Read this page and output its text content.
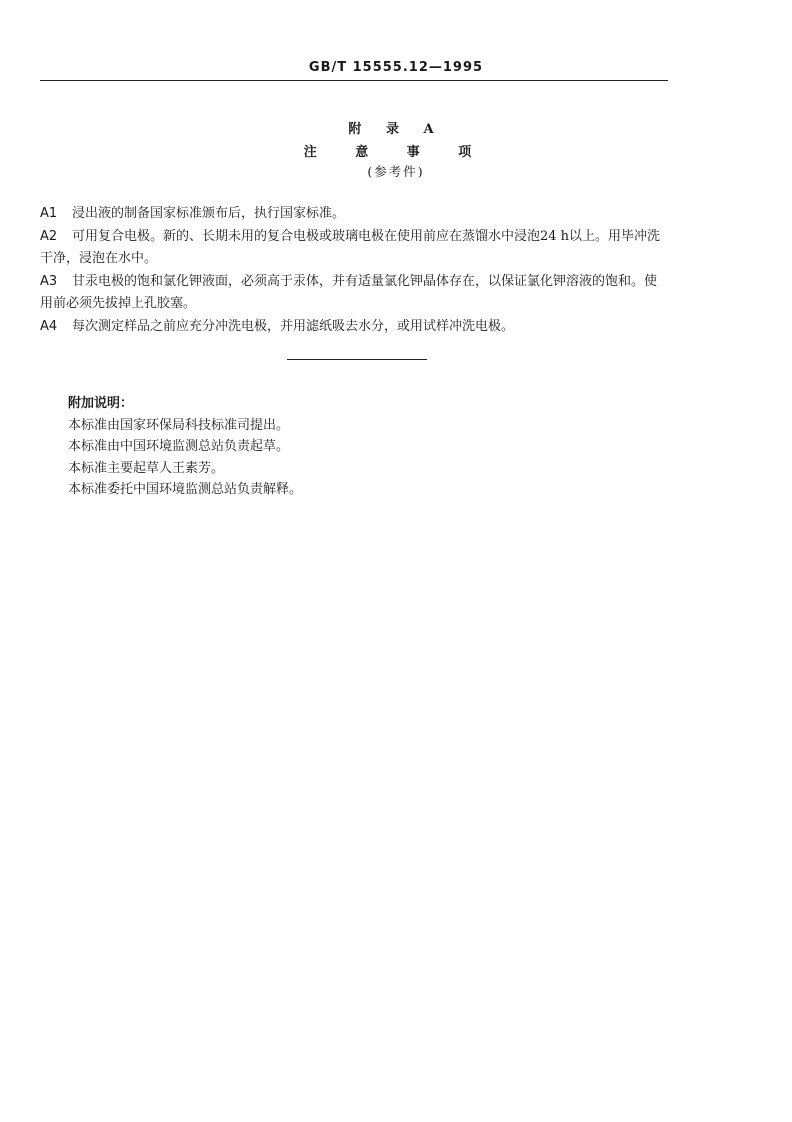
GB/T 15555.12—1995
附 录 A
注 意 事 项
(参考件)

A1 浸出液的制备国家标准颁布后，执行国家标准。

A2 可用复合电极。新的、长期未用的复合电极或玻璃电极在使用前应在蒸馏水中浸泡24 h以上。用毕冲洗干净，浸泡在水中。

A3 甘汞电极的饱和氯化钾液面，必须高于汞体，并有适量氯化钾晶体存在，以保证氯化钾溶液的饱和。使用前必须先拔掉上孔胶塞。

A4 每次测定样品之前应充分冲洗电极，并用滤纸吸去水分，或用试样冲洗电极。

附加说明：
本标准由国家环保局科技标准司提出。
本标准由中国环境监测总站负责起草。
本标准主要起草人王素芳。
本标准委托中国环境监测总站负责解释。
